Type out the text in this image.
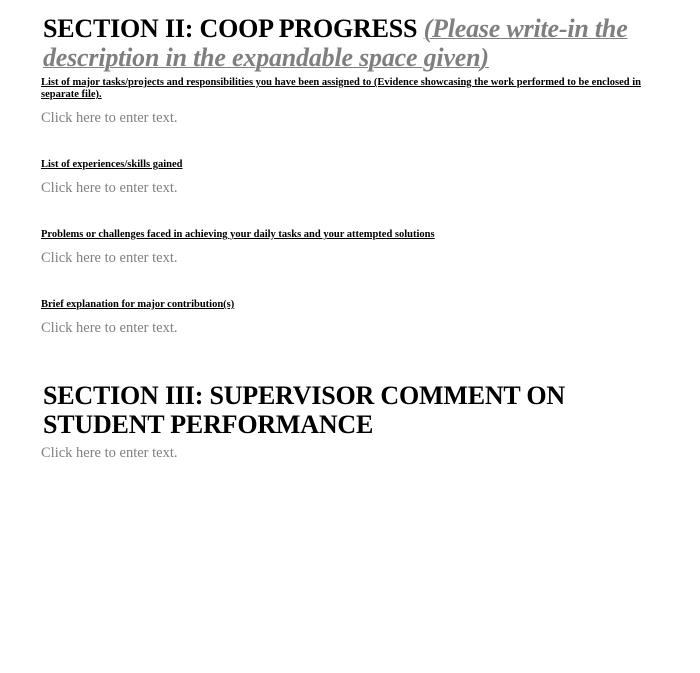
SECTION II: COOP PROGRESS (Please write-in the description in the expandable space given)

List of major tasks/projects and responsibilities you have been assigned to (Evidence showcasing the work performed to be enclosed in separate file).

Click here to enter text.

List of experiences/skills gained

Click here to enter text.

Problems or challenges faced in achieving your daily tasks and your attempted solutions

Click here to enter text.

Brief explanation for major contribution(s)

Click here to enter text.

SECTION III: SUPERVISOR COMMENT ON STUDENT PERFORMANCE

Click here to enter text.
